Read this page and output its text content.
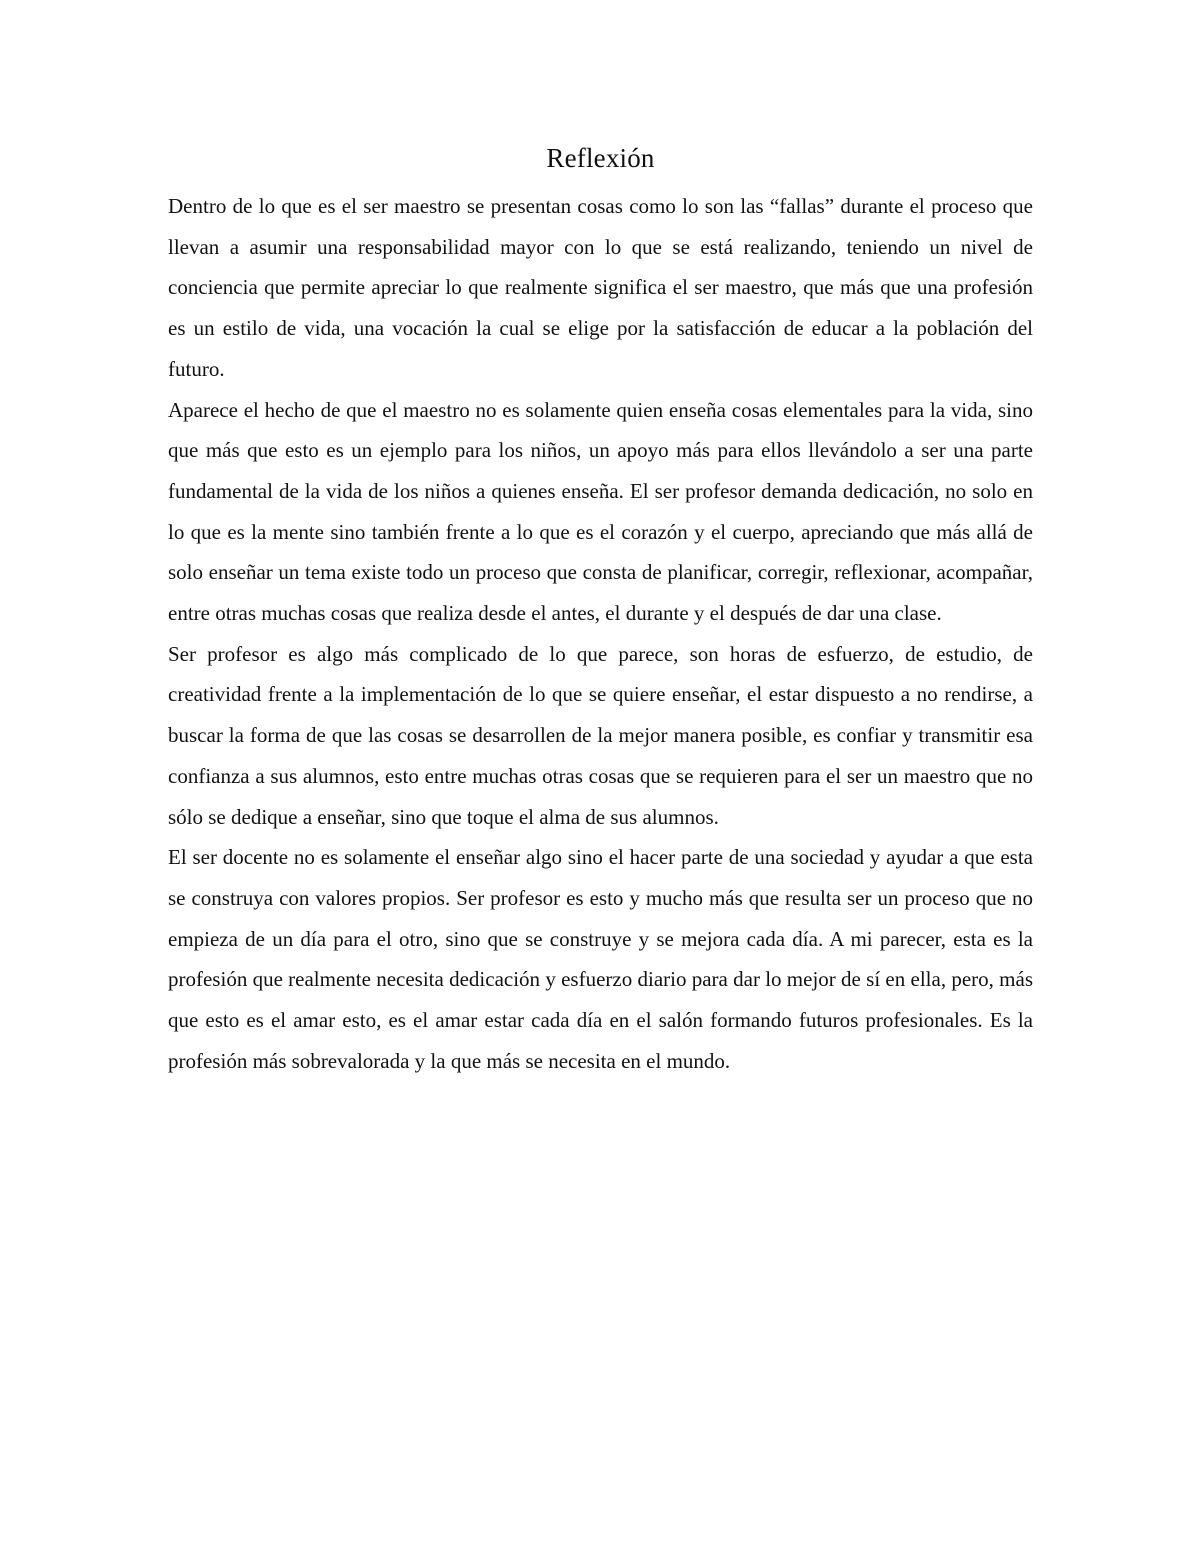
Reflexión

Dentro de lo que es el ser maestro se presentan cosas como lo son las “fallas” durante el proceso que llevan a asumir una responsabilidad mayor con lo que se está realizando, teniendo un nivel de conciencia que permite apreciar lo que realmente significa el ser maestro, que más que una profesión es un estilo de vida, una vocación la cual se elige por la satisfacción de educar a la población del futuro.

Aparece el hecho de que el maestro no es solamente quien enseña cosas elementales para la vida, sino que más que esto es un ejemplo para los niños, un apoyo más para ellos llevándolo a ser una parte fundamental de la vida de los niños a quienes enseña. El ser profesor demanda dedicación, no solo en lo que es la mente sino también frente a lo que es el corazón y el cuerpo, apreciando que más allá de solo enseñar un tema existe todo un proceso que consta de planificar, corregir, reflexionar, acompañar, entre otras muchas cosas que realiza desde el antes, el durante y el después de dar una clase.

Ser profesor es algo más complicado de lo que parece, son horas de esfuerzo, de estudio, de creatividad frente a la implementación de lo que se quiere enseñar, el estar dispuesto a no rendirse, a buscar la forma de que las cosas se desarrollen de la mejor manera posible, es confiar y transmitir esa confianza a sus alumnos, esto entre muchas otras cosas que se requieren para el ser un maestro que no sólo se dedique a enseñar, sino que toque el alma de sus alumnos.

El ser docente no es solamente el enseñar algo sino el hacer parte de una sociedad y ayudar a que esta se construya con valores propios. Ser profesor es esto y mucho más que resulta ser un proceso que no empieza de un día para el otro, sino que se construye y se mejora cada día. A mi parecer, esta es la profesión que realmente necesita dedicación y esfuerzo diario para dar lo mejor de sí en ella, pero, más que esto es el amar esto, es el amar estar cada día en el salón formando futuros profesionales. Es la profesión más sobrevalorada y la que más se necesita en el mundo.
